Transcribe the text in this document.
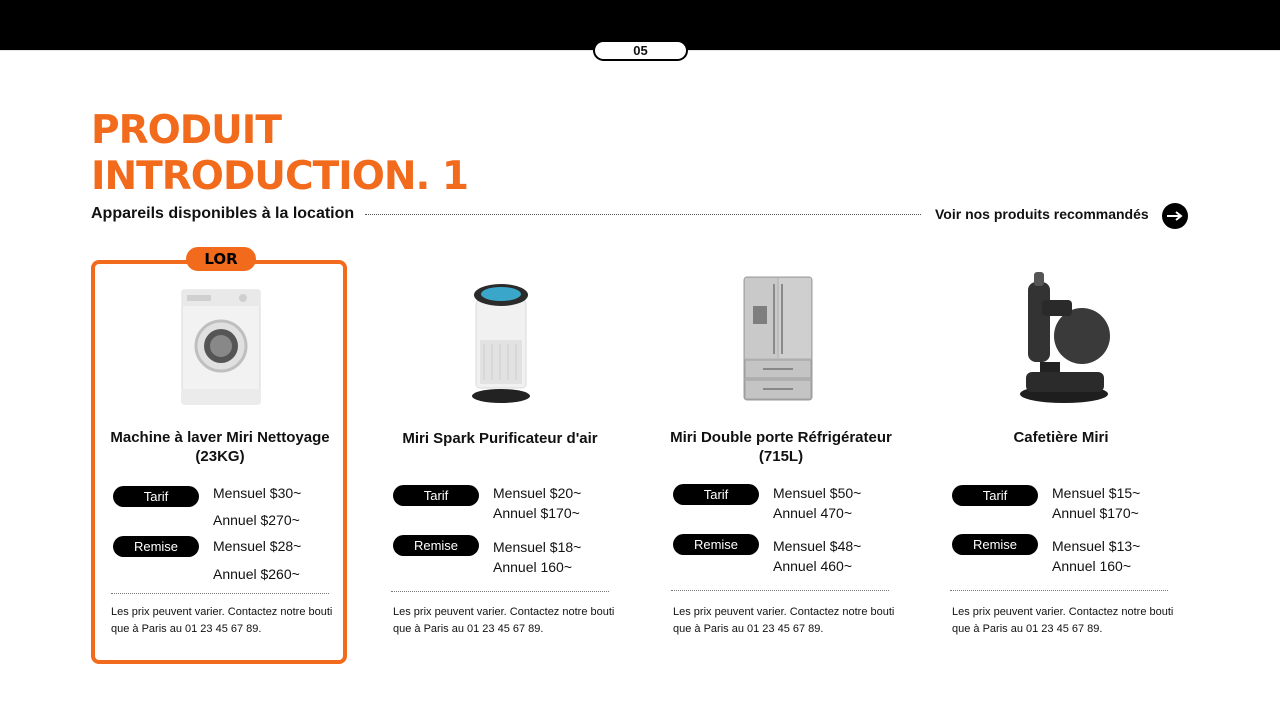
05
PRODUIT
INTRODUCTION. 1
Appareils disponibles à la location	Voir nos produits recommandés
LOR
Machine à laver Miri Nettoyage (23KG)
Tarif	Mensuel $30~
Annuel $270~
Remise	Mensuel $28~
Annuel $260~
Les prix peuvent varier. Contactez notre boutique à Paris au 01 23 45 67 89.
Miri Spark Purificateur d'air
Tarif	Mensuel $20~
Annuel $170~
Remise	Mensuel $18~
Annuel 160~
Les prix peuvent varier. Contactez notre boutique à Paris au 01 23 45 67 89.
Miri Double porte Réfrigérateur (715L)
Tarif	Mensuel $50~
Annuel 470~
Remise	Mensuel $48~
Annuel 460~
Les prix peuvent varier. Contactez notre boutique à Paris au 01 23 45 67 89.
Cafetière Miri
Tarif	Mensuel $15~
Annuel $170~
Remise	Mensuel $13~
Annuel 160~
Les prix peuvent varier. Contactez notre boutique à Paris au 01 23 45 67 89.
